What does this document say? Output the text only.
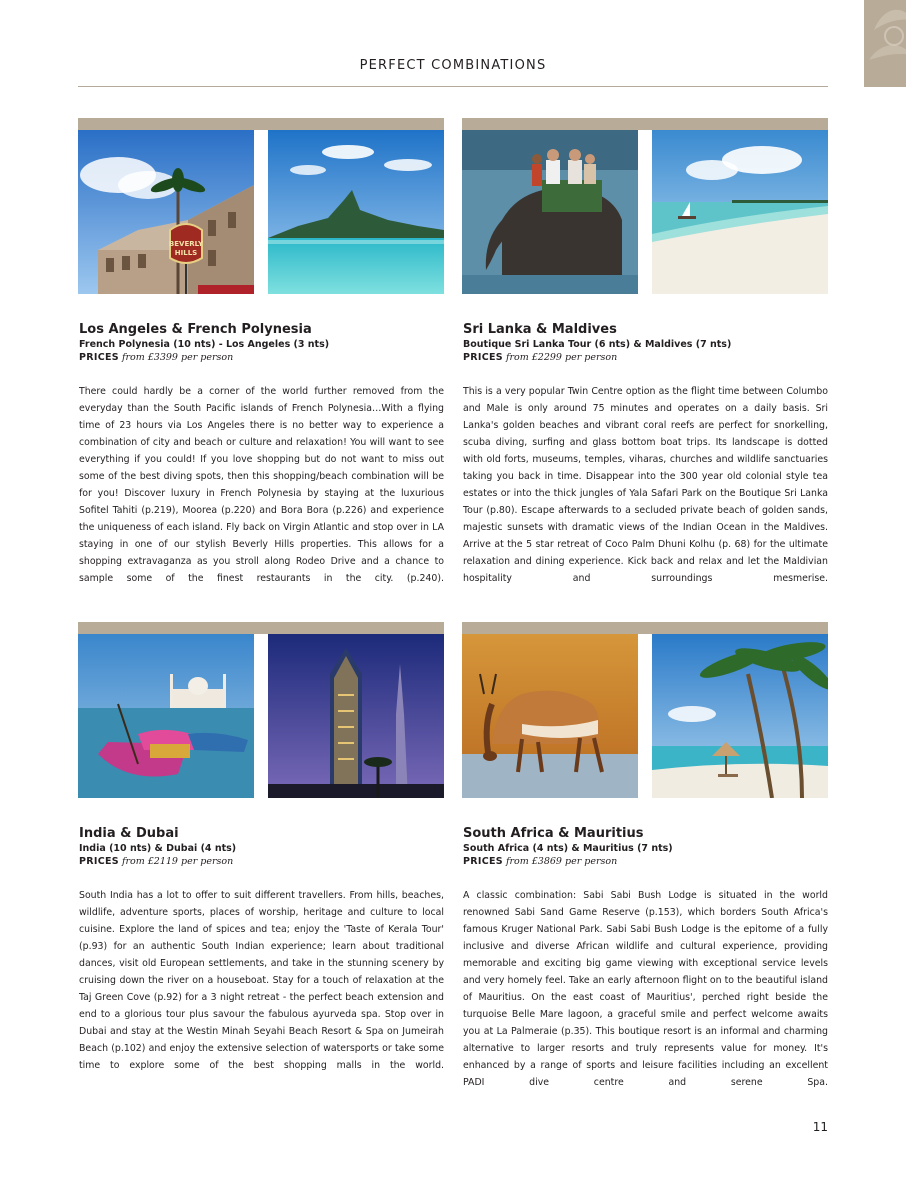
PERFECT COMBINATIONS
BEVERLY
HILLS
Los Angeles & French Polynesia
French Polynesia (10 nts) - Los Angeles (3 nts)
PRICES from £3399 per person
There could hardly be a corner of the world further removed from the everyday than the South Pacific islands of French Polynesia…With a flying time of 23 hours via Los Angeles there is no better way to experience a combination of city and beach or culture and relaxation! You will want to see everything if you could! If you love shopping but do not want to miss out some of the best diving spots, then this shopping/beach combination will be for you! Discover luxury in French Polynesia by staying at the luxurious Sofitel Tahiti (p.219), Moorea (p.220) and Bora Bora (p.226) and experience the uniqueness of each island. Fly back on Virgin Atlantic and stop over in LA staying in one of our stylish Beverly Hills properties. This allows for a shopping extravaganza as you stroll along Rodeo Drive and a chance to sample some of the finest restaurants in the city. (p.240).
Sri Lanka & Maldives
Boutique Sri Lanka Tour (6 nts) & Maldives (7 nts)
PRICES from £2299 per person
This is a very popular Twin Centre option as the flight time between Columbo and Male is only around 75 minutes and operates on a daily basis. Sri Lanka's golden beaches and vibrant coral reefs are perfect for snorkelling, scuba diving, surfing and glass bottom boat trips. Its landscape is dotted with old forts, museums, temples, viharas, churches and wildlife sanctuaries taking you back in time. Disappear into the 300 year old colonial style tea estates or into the thick jungles of Yala Safari Park on the Boutique Sri Lanka Tour (p.80). Escape afterwards to a secluded private beach of golden sands, majestic sunsets with dramatic views of the Indian Ocean in the Maldives. Arrive at the 5 star retreat of Coco Palm Dhuni Kolhu (p. 68) for the ultimate relaxation and dining experience. Kick back and relax and let the Maldivian hospitality and surroundings mesmerise.
India & Dubai
India (10 nts) & Dubai (4 nts)
PRICES from £2119 per person
South India has a lot to offer to suit different travellers. From hills, beaches, wildlife, adventure sports, places of worship, heritage and culture to local cuisine. Explore the land of spices and tea; enjoy the 'Taste of Kerala Tour' (p.93) for an authentic South Indian experience; learn about traditional dances, visit old European settlements, and take in the stunning scenery by cruising down the river on a houseboat. Stay for a touch of relaxation at the Taj Green Cove (p.92) for a 3 night retreat - the perfect beach extension and end to a glorious tour plus savour the fabulous ayurveda spa. Stop over in Dubai and stay at the Westin Minah Seyahi Beach Resort & Spa on Jumeirah Beach (p.102) and enjoy the extensive selection of watersports or take some time to explore some of the best shopping malls in the world.
South Africa & Mauritius
South Africa (4 nts) & Mauritius (7 nts)
PRICES from £3869 per person
A classic combination: Sabi Sabi Bush Lodge is situated in the world renowned Sabi Sand Game Reserve (p.153), which borders South Africa's famous Kruger National Park. Sabi Sabi Bush Lodge is the epitome of a fully inclusive and diverse African wildlife and cultural experience, providing memorable and exciting big game viewing with exceptional service levels and very homely feel. Take an early afternoon flight on to the beautiful island of Mauritius. On the east coast of Mauritius', perched right beside the turquoise Belle Mare lagoon, a graceful smile and perfect welcome awaits you at La Palmeraie (p.35). This boutique resort is an informal and charming alternative to larger resorts and truly represents value for money. It's enhanced by a range of sports and leisure facilities including an excellent PADI dive centre and serene Spa.
11
